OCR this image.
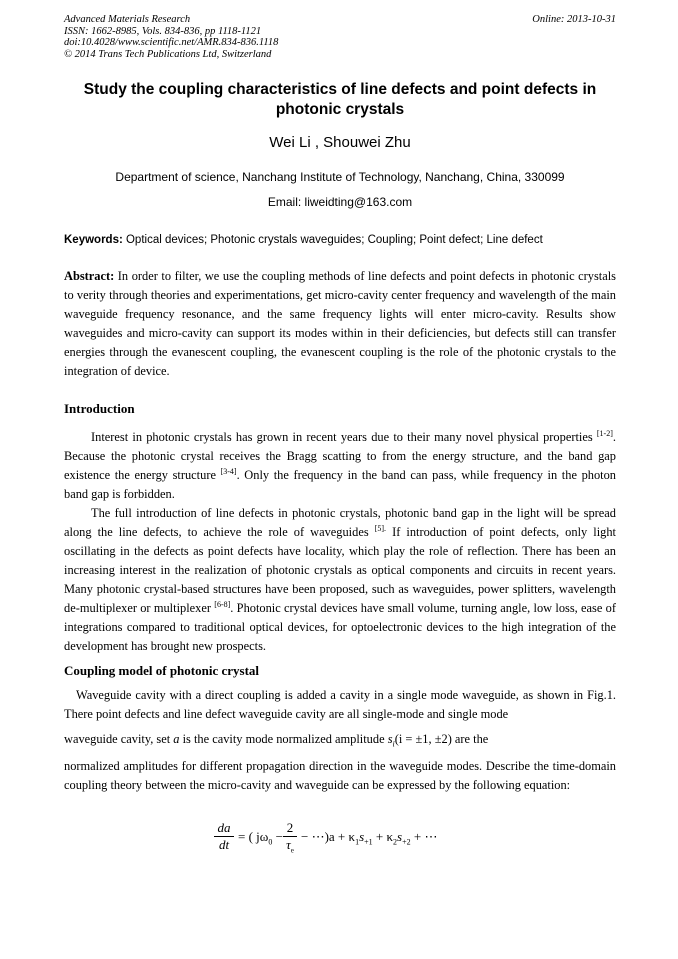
Advanced Materials Research
ISSN: 1662-8985, Vols. 834-836, pp 1118-1121
doi:10.4028/www.scientific.net/AMR.834-836.1118
© 2014 Trans Tech Publications Ltd, Switzerland
Online: 2013-10-31
Study the coupling characteristics of line defects and point defects in
photonic crystals
Wei Li , Shouwei Zhu
Department of science, Nanchang Institute of Technology, Nanchang, China, 330099
Email: liweidting@163.com
Keywords: Optical devices; Photonic crystals waveguides; Coupling; Point defect; Line defect
Abstract: In order to filter, we use the coupling methods of line defects and point defects in photonic crystals to verity through theories and experimentations, get micro-cavity center frequency and wavelength of the main waveguide frequency resonance, and the same frequency lights will enter micro-cavity. Results show waveguides and micro-cavity can support its modes within in their deficiencies, but defects still can transfer energies through the evanescent coupling, the evanescent coupling is the role of the photonic crystals to the integration of device.
Introduction
Interest in photonic crystals has grown in recent years due to their many novel physical properties [1-2]. Because the photonic crystal receives the Bragg scatting to from the energy structure, and the band gap existence the energy structure [3-4]. Only the frequency in the band can pass, while frequency in the photon band gap is forbidden.
The full introduction of line defects in photonic crystals, photonic band gap in the light will be spread along the line defects, to achieve the role of waveguides $^{[5].}$ If introduction of point defects, only light oscillating in the defects as point defects have locality, which play the role of reflection. There has been an increasing interest in the realization of photonic crystals as optical components and circuits in recent years. Many photonic crystal-based structures have been proposed, such as waveguides, power splitters, wavelength de-multiplexer or multiplexer [6-8]. Photonic crystal devices have small volume, turning angle, low loss, ease of integrations compared to traditional optical devices, for optoelectronic devices to the high integration of the development has brought new prospects.
Coupling model of photonic crystal
Waveguide cavity with a direct coupling is added a cavity in a single mode waveguide, as shown in Fig.1. There point defects and line defect waveguide cavity are all single-mode and single mode
waveguide cavity, set a is the cavity mode normalized amplitude $s_i(i = \pm 1$, ±2) are the
normalized amplitudes for different propagation direction in the waveguide modes. Describe the time-domain coupling theory between the micro-cavity and waveguide can be expressed by the following equation:
$\frac{da}{dt}$ = ( $j\omega_0 - \frac{2}{\tau_e}$ − ⋯)a + $\kappa_1s_{+1} + \kappa_2s_{+2}$ + ⋯
